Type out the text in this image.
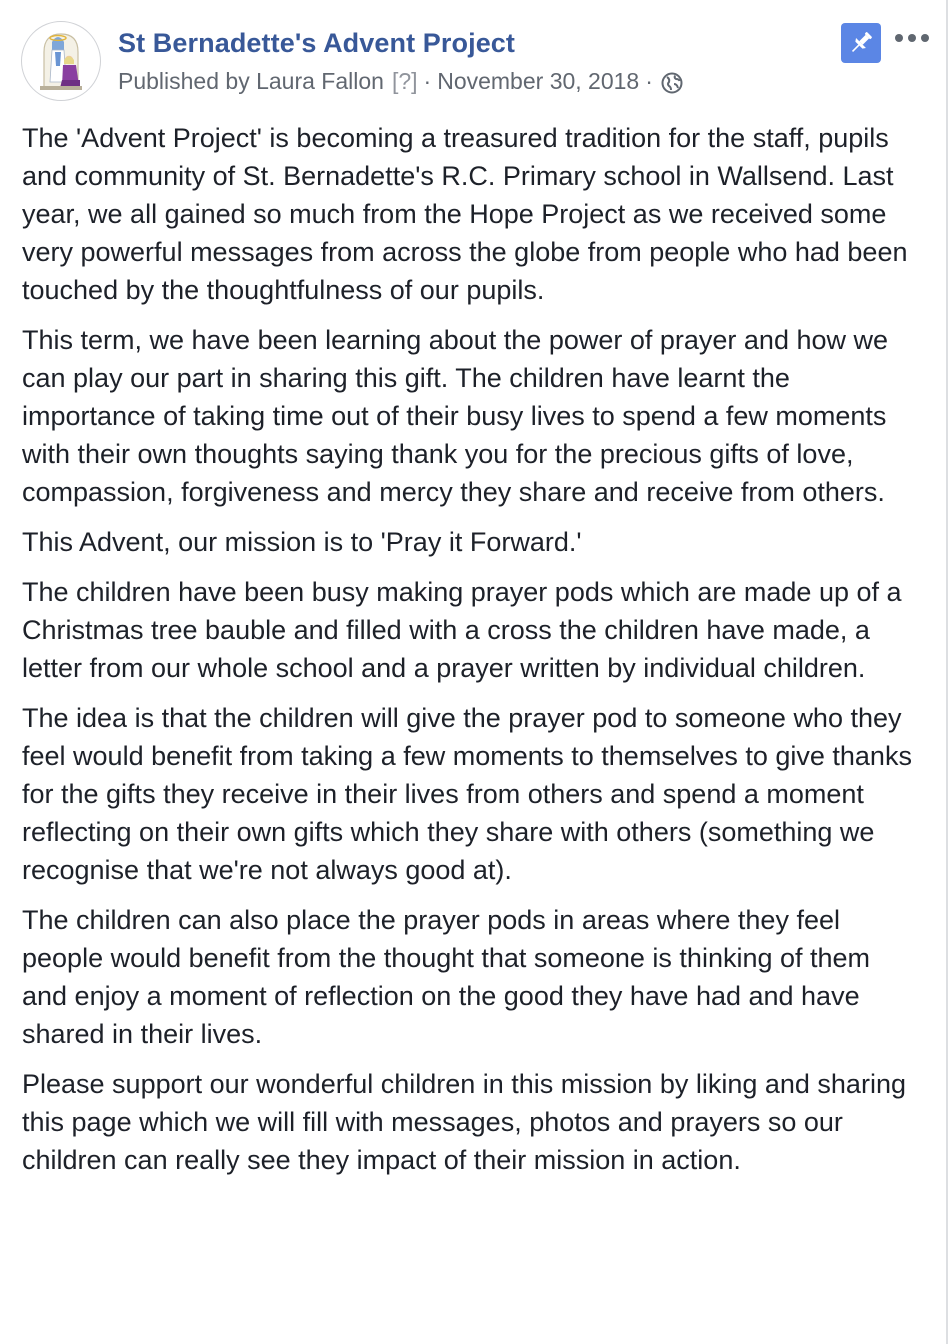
St Bernadette's Advent Project
Published by Laura Fallon [?] · November 30, 2018 ·

The 'Advent Project' is becoming a treasured tradition for the staff, pupils and community of St. Bernadette's R.C. Primary school in Wallsend. Last year, we all gained so much from the Hope Project as we received some very powerful messages from across the globe from people who had been touched by the thoughtfulness of our pupils.

This term, we have been learning about the power of prayer and how we can play our part in sharing this gift. The children have learnt the importance of taking time out of their busy lives to spend a few moments with their own thoughts saying thank you for the precious gifts of love, compassion, forgiveness and mercy they share and receive from others.

This Advent, our mission is to 'Pray it Forward.'

The children have been busy making prayer pods which are made up of a Christmas tree bauble and filled with a cross the children have made, a letter from our whole school and a prayer written by individual children.

The idea is that the children will give the prayer pod to someone who they feel would benefit from taking a few moments to themselves to give thanks for the gifts they receive in their lives from others and spend a moment reflecting on their own gifts which they share with others (something we recognise that we're not always good at).

The children can also place the prayer pods in areas where they feel people would benefit from the thought that someone is thinking of them and enjoy a moment of reflection on the good they have had and have shared in their lives.

Please support our wonderful children in this mission by liking and sharing this page which we will fill with messages, photos and prayers so our children can really see they impact of their mission in action.
